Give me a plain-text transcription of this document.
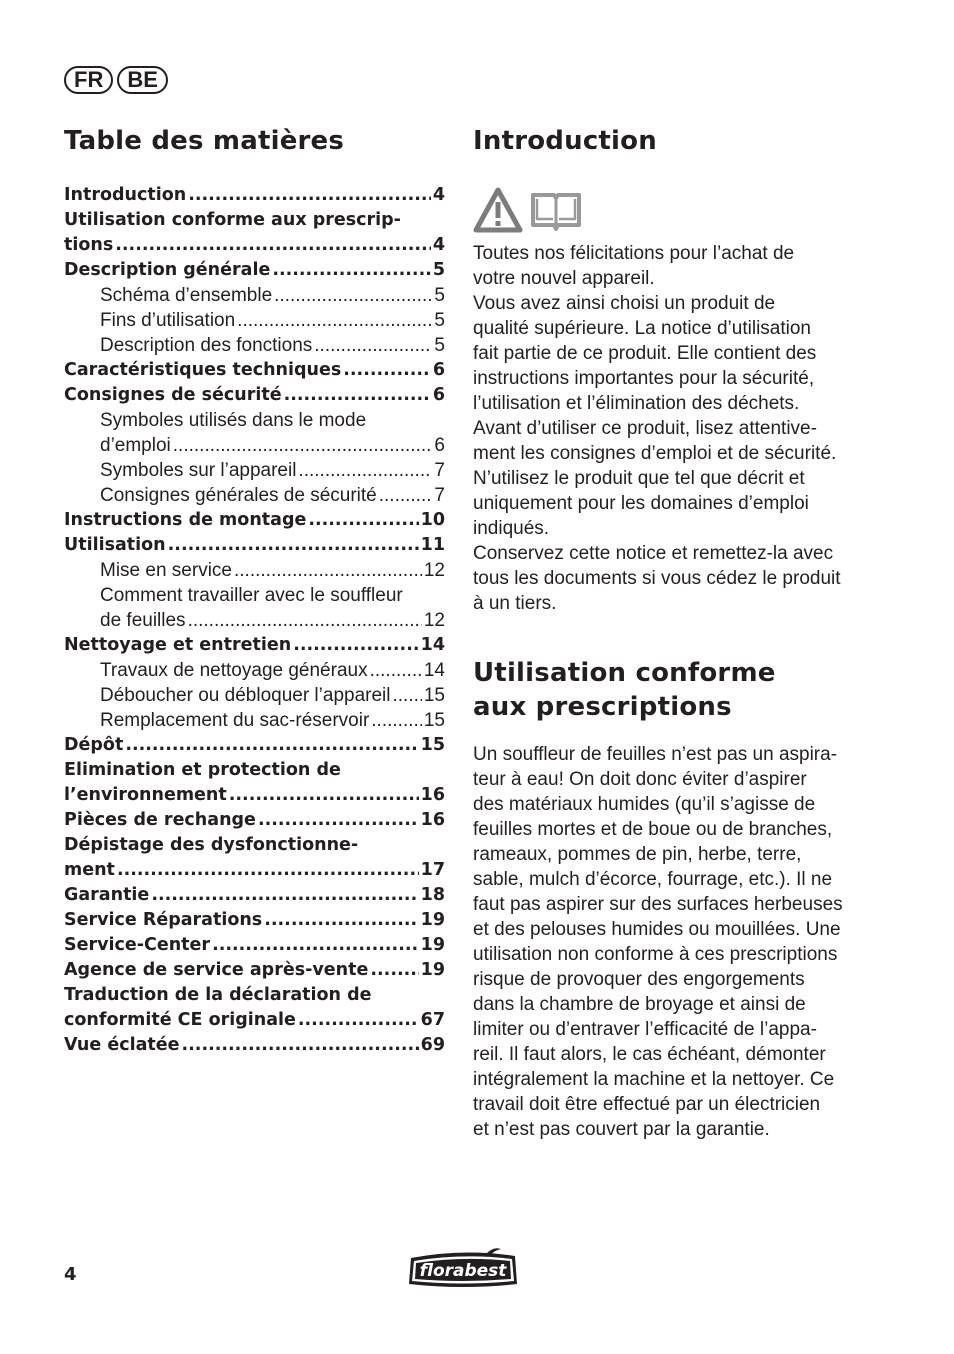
FR	BE
Table des matières
Introduction .....	4
Utilisation conforme aux prescrip-
tions .....	4
Description générale .....	5
Schéma d’ensemble .....	5
Fins d’utilisation .....	5
Description des fonctions .....	5
Caractéristiques techniques .....	6
Consignes de sécurité .....	6
Symboles utilisés dans le mode
d’emploi .....	6
Symboles sur l’appareil .....	7
Consignes générales de sécurité .....	7
Instructions de montage .....	10
Utilisation .....	11
Mise en service .....	12
Comment travailler avec le souffleur
de feuilles .....	12
Nettoyage et entretien .....	14
Travaux de nettoyage généraux .....	14
Déboucher ou débloquer l’appareil ..... 15
Remplacement du sac-réservoir .....	15
Dépôt .....	15
Elimination et protection de
l’environnement .....	16
Pièces de rechange .....	16
Dépistage des dysfonctionne-
ment .....	17
Garantie .....	18
Service Réparations .....	19
Service-Center .....	19
Agence de service après-vente .....	19
Traduction de la déclaration de
conformité CE originale .....	67
Vue éclatée .....	69
Introduction
Toutes nos félicitations pour l’achat de
votre nouvel appareil.
Vous avez ainsi choisi un produit de
qualité supérieure. La notice d’utilisation
fait partie de ce produit. Elle contient des
instructions importantes pour la sécurité,
l’utilisation et l’élimination des déchets.
Avant d’utiliser ce produit, lisez attentive-
ment les consignes d’emploi et de sécurité.
N’utilisez le produit que tel que décrit et
uniquement pour les domaines d’emploi
indiqués.
Conservez cette notice et remettez-la avec
tous les documents si vous cédez le produit
à un tiers.
Utilisation conforme
aux prescriptions
Un souffleur de feuilles n’est pas un aspira-
teur à eau! On doit donc éviter d’aspirer
des matériaux humides (qu’il s’agisse de
feuilles mortes et de boue ou de branches,
rameaux, pommes de pin, herbe, terre,
sable, mulch d’écorce, fourrage, etc.). Il ne
faut pas aspirer sur des surfaces herbeuses
et des pelouses humides ou mouillées. Une
utilisation non conforme à ces prescriptions
risque de provoquer des engorgements
dans la chambre de broyage et ainsi de
limiter ou d’entraver l’efficacité de l’appa-
reil. Il faut alors, le cas échéant, démonter
intégralement la machine et la nettoyer. Ce
travail doit être effectué par un électricien
et n’est pas couvert par la garantie.
4	florabest
